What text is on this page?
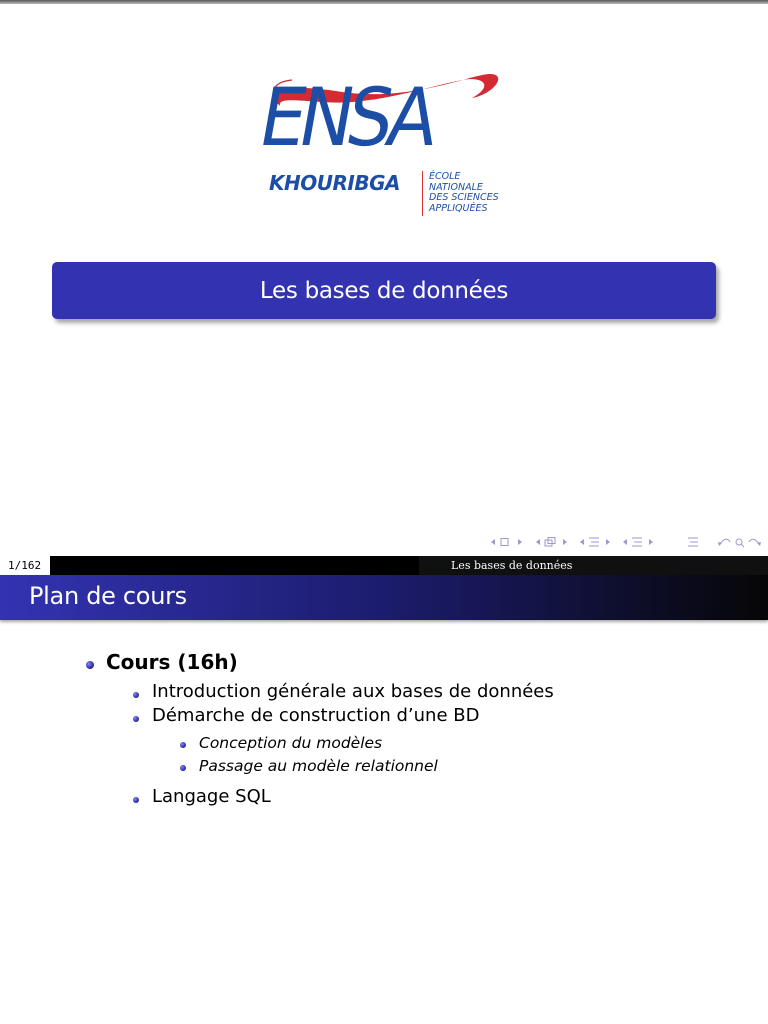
ENSA
KHOURIBGA	ÉCOLE
NATIONALE
DES SCIENCES
APPLIQUÉES
Les bases de données
1/162	Les bases de données
Plan de cours
Cours (16h)
Introduction générale aux bases de données
Démarche de construction d’une BD
Conception du modèles
Passage au modèle relationnel
Langage SQL
